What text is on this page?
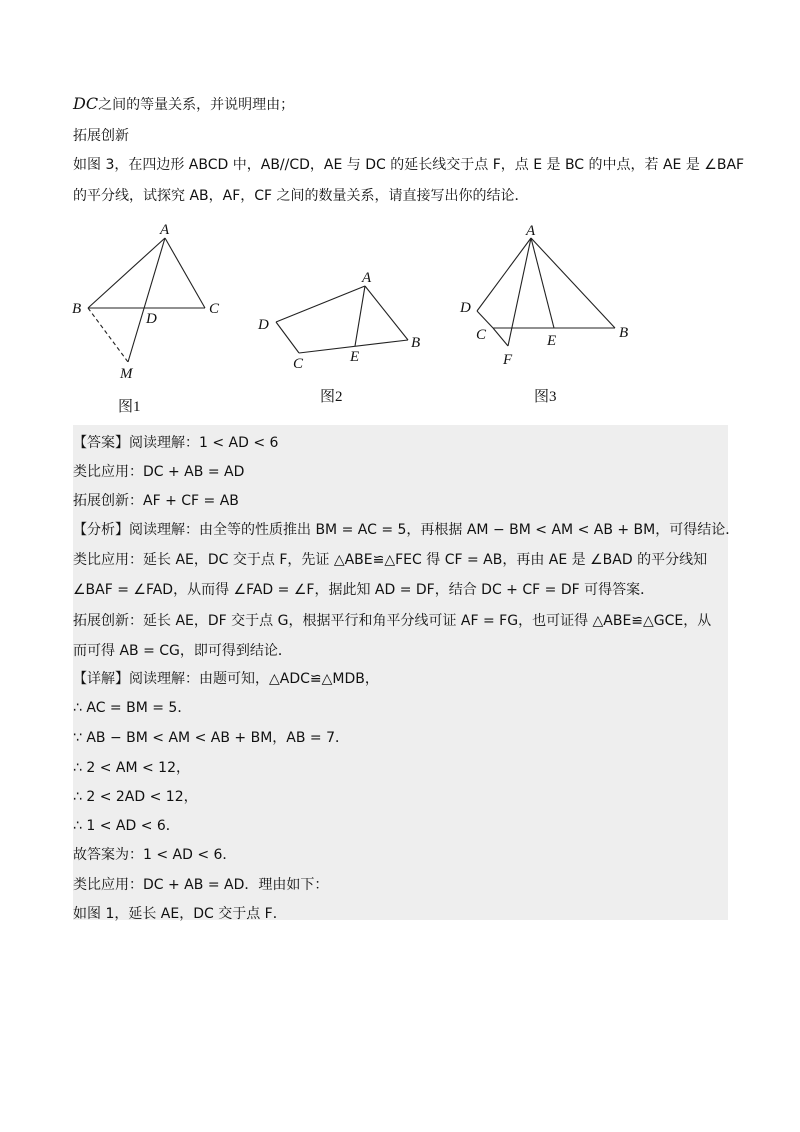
DC之间的等量关系，并说明理由；
拓展创新
如图 3，在四边形 ABCD 中，AB//CD，AE 与 DC 的延长线交于点 F，点 E 是 BC 的中点，若 AE 是 ∠BAF
的平分线，试探究 AB，AF，CF 之间的数量关系，请直接写出你的结论．
A
B	C
D
M
图1
A
B
C
D
E
图2
A
B
C
D
E
F
图3
【答案】阅读理解：1 < AD < 6
类比应用：DC + AB = AD
拓展创新：AF + CF = AB
【分析】阅读理解：由全等的性质推出 BM = AC = 5，再根据 AM − BM < AM < AB + BM，可得结论．
类比应用：延长 AE，DC 交于点 F，先证 △ABE≌△FEC 得 CF = AB，再由 AE 是 ∠BAD 的平分线知
∠BAF = ∠FAD，从而得 ∠FAD = ∠F，据此知 AD = DF，结合 DC + CF = DF 可得答案．
拓展创新：延长 AE，DF 交于点 G，根据平行和角平分线可证 AF = FG，也可证得 △ABE≌△GCE，从
而可得 AB = CG，即可得到结论．
【详解】阅读理解：由题可知，△ADC≌△MDB，
∴ AC = BM = 5．
∵ AB − BM < AM < AB + BM，AB = 7．
∴ 2 < AM < 12，
∴ 2 < 2AD < 12，
∴ 1 < AD < 6．
故答案为：1 < AD < 6．
类比应用：DC + AB = AD．理由如下：
如图 1，延长 AE，DC 交于点 F．
